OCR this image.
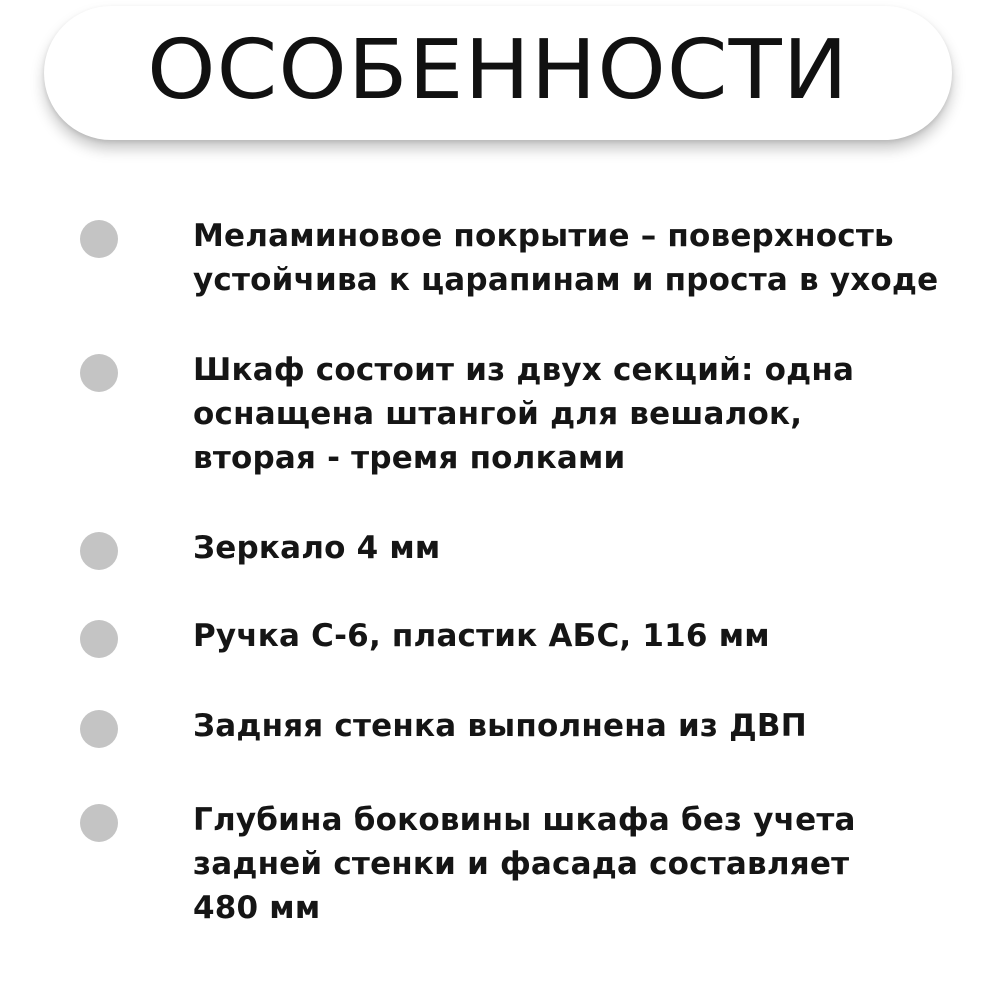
ОСОБЕННОСТИ
Меламиновое покрытие – поверхность
устойчива к царапинам и проста в уходе
Шкаф состоит из двух секций: одна
оснащена штангой для вешалок,
вторая - тремя полками
Зеркало 4 мм
Ручка С-6, пластик АБС, 116 мм
Задняя стенка выполнена из ДВП
Глубина боковины шкафа без учета
задней стенки и фасада составляет
480 мм
